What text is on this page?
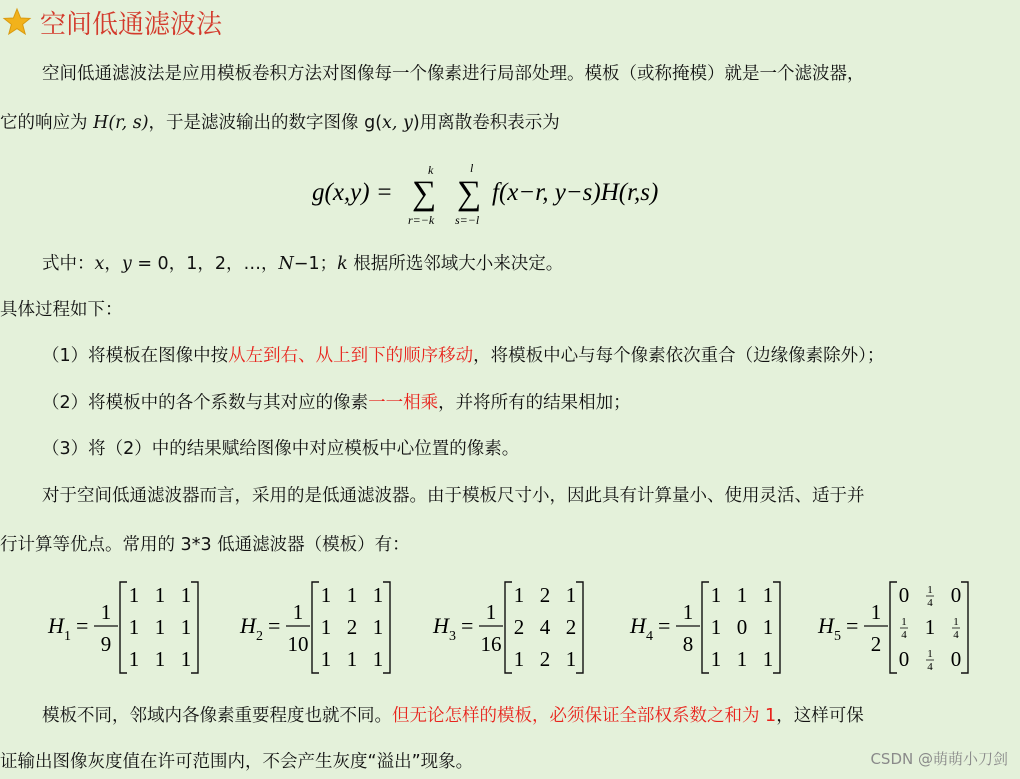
空间低通滤波法
空间低通滤波法是应用模板卷积方法对图像每一个像素进行局部处理。模板（或称掩模）就是一个滤波器，
它的响应为 H(r, s)，于是滤波输出的数字图像 g(x, y)用离散卷积表示为
g(x,y) =
k
∑
r=−k
l
∑
s=−l
f(x−r, y−s)H(r,s)
式中：x，y = 0，1，2，…，N−1；k 根据所选邻域大小来决定。
具体过程如下：
（1）将模板在图像中按从左到右、从上到下的顺序移动，将模板中心与每个像素依次重合（边缘像素除外）；
（2）将模板中的各个系数与其对应的像素一一相乘，并将所有的结果相加；
（3）将（2）中的结果赋给图像中对应模板中心位置的像素。
对于空间低通滤波器而言，采用的是低通滤波器。由于模板尺寸小，因此具有计算量小、使用灵活、适于并
行计算等优点。常用的 3*3 低通滤波器（模板）有：
H 1 =
1
9
1 1 1
1 1 1
1 1 1
H 2 =
1
10
1 1 1
1 2 1
1 1 1
H 3 =
1
16
1 2 1
2 4 2
1 2 1
H 4 =
1
8
1 1 1
1 0 1
1 1 1
H 5 =
1
2
0 1
4 0
1
4 1 1
4
0 1
4 0
模板不同，邻域内各像素重要程度也就不同。但无论怎样的模板，必须保证全部权系数之和为 1，这样可保
证输出图像灰度值在许可范围内，不会产生灰度“溢出”现象。	CSDN @萌萌小刀剑
